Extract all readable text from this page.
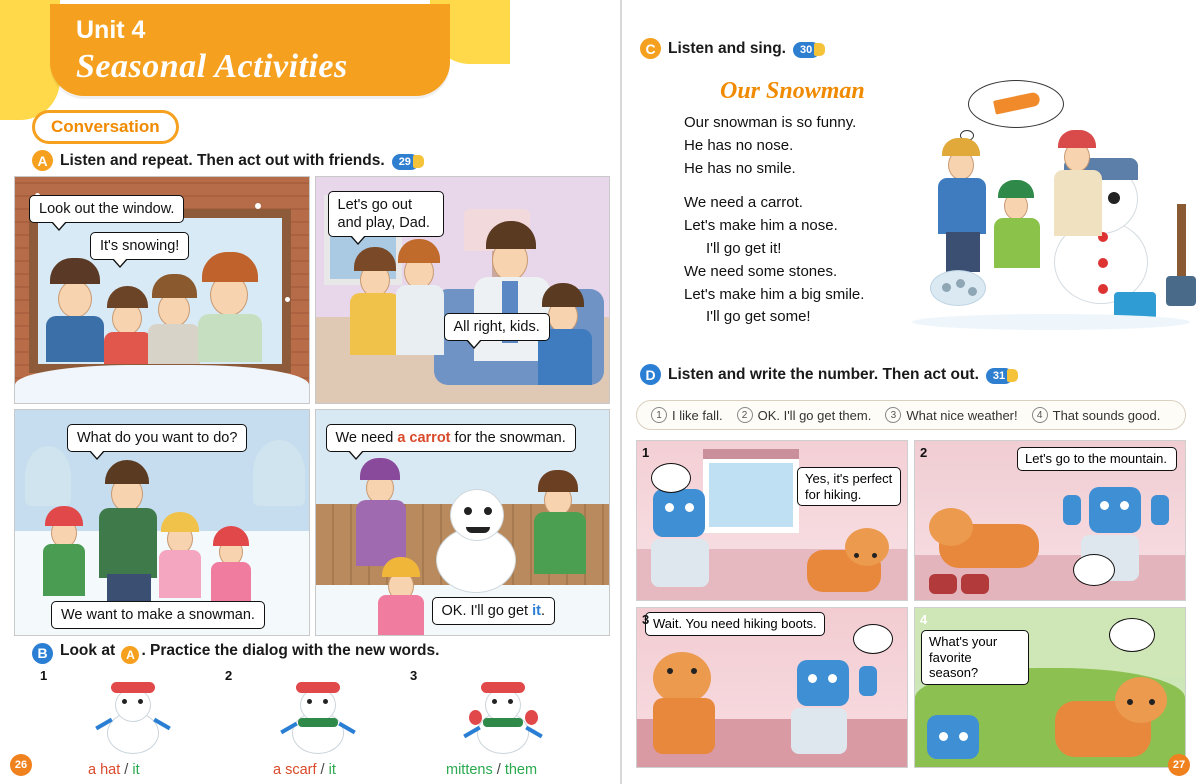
Unit 4
Seasonal Activities
Conversation
A Listen and repeat. Then act out with friends.	29
Look out the window.
It's snowing!
Let's go out and play, Dad.
All right, kids.
What do you want to do?
We want to make a snowman.
We need a carrot for the snowman.
OK. I'll go get it.
B Look at A . Practice the dialog with the new words.
1
a hat / it
2
a scarf / it
3
mittens / them
26
C Listen and sing.	30
Our Snowman
Our snowman is so funny.
He has no nose.
He has no smile.
We need a carrot.
Let's make him a nose.
I'll go get it!
We need some stones.
Let's make him a big smile.
I'll go get some!
D Listen and write the number. Then act out.	31
1 I like fall.	2 OK. I'll go get them.	3 What nice weather!	4 That sounds good.
1
Yes, it's perfect for hiking.
2	Let's go to the mountain.
3 Wait. You need hiking boots.	4
What's your favorite season?
27
